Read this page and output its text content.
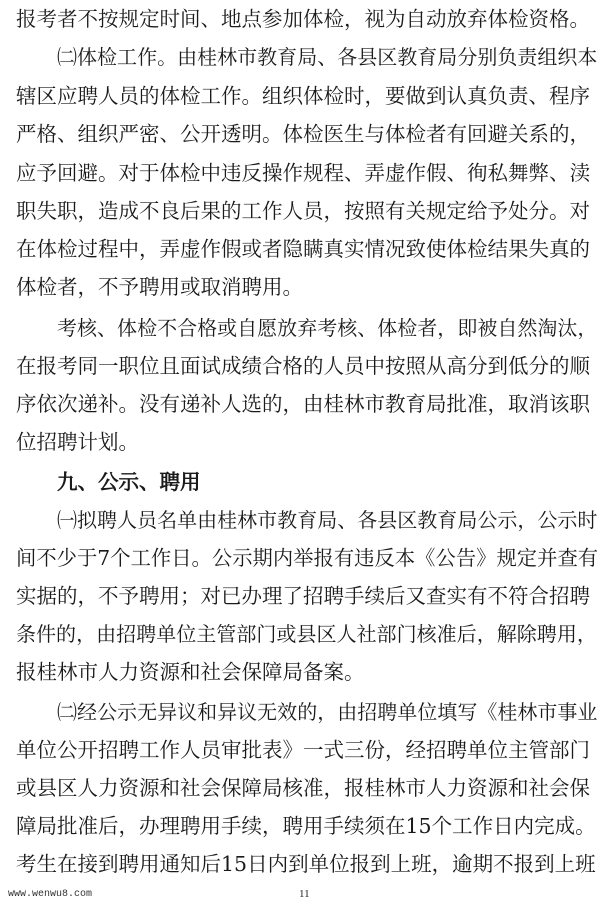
报考者不按规定时间、地点参加体检，视为自动放弃体检资格。
㈡体检工作。由桂林市教育局、各县区教育局分别负责组织本
辖区应聘人员的体检工作。组织体检时，要做到认真负责、程序
严格、组织严密、公开透明。体检医生与体检者有回避关系的，
应予回避。对于体检中违反操作规程、弄虚作假、徇私舞弊、渎
职失职，造成不良后果的工作人员，按照有关规定给予处分。对
在体检过程中，弄虚作假或者隐瞒真实情况致使体检结果失真的
体检者，不予聘用或取消聘用。
考核、体检不合格或自愿放弃考核、体检者，即被自然淘汰，
在报考同一职位且面试成绩合格的人员中按照从高分到低分的顺
序依次递补。没有递补人选的，由桂林市教育局批准，取消该职
位招聘计划。
九、公示、聘用
㈠拟聘人员名单由桂林市教育局、各县区教育局公示，公示时
间不少于7个工作日。公示期内举报有违反本《公告》规定并查有
实据的，不予聘用；对已办理了招聘手续后又查实有不符合招聘
条件的，由招聘单位主管部门或县区人社部门核准后，解除聘用，
报桂林市人力资源和社会保障局备案。
㈡经公示无异议和异议无效的，由招聘单位填写《桂林市事业
单位公开招聘工作人员审批表》一式三份，经招聘单位主管部门
或县区人力资源和社会保障局核准，报桂林市人力资源和社会保
障局批准后，办理聘用手续，聘用手续须在15个工作日内完成。
考生在接到聘用通知后15日内到单位报到上班，逾期不报到上班
11
www.wenwu8.com
